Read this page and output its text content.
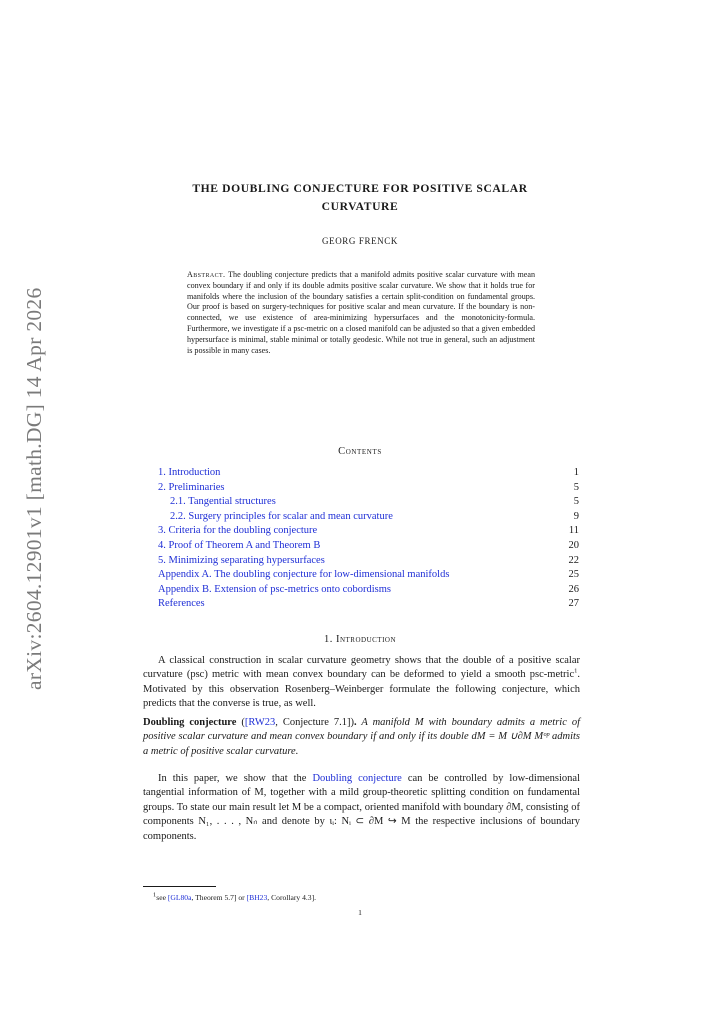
arXiv:2604.12901v1 [math.DG] 14 Apr 2026
THE DOUBLING CONJECTURE FOR POSITIVE SCALAR
CURVATURE
GEORG FRENCK
Abstract. The doubling conjecture predicts that a manifold admits positive scalar curvature with mean convex boundary if and only if its double admits positive scalar curvature. We show that it holds true for manifolds where the inclusion of the boundary satisfies a certain split-condition on fundamental groups. Our proof is based on surgery-techniques for positive scalar and mean curvature. If the boundary is non-connected, we use existence of area-minimizing hypersurfaces and the monotonicity-formula. Furthermore, we investigate if a psc-metric on a closed manifold can be adjusted so that a given embedded hypersurface is minimal, stable minimal or totally geodesic. While not true in general, such an adjustment is possible in many cases.
Contents
1. Introduction	1
2. Preliminaries	5
2.1. Tangential structures	5
2.2. Surgery principles for scalar and mean curvature	9
3. Criteria for the doubling conjecture	11
4. Proof of Theorem A and Theorem B	20
5. Minimizing separating hypersurfaces	22
Appendix A. The doubling conjecture for low-dimensional manifolds	25
Appendix B. Extension of psc-metrics onto cobordisms	26
References	27
1. Introduction
A classical construction in scalar curvature geometry shows that the double of a positive scalar curvature (psc) metric with mean convex boundary can be deformed to yield a smooth psc-metric$^1$. Motivated by this observation Rosenberg–Weinberger formulate the following conjecture, which predicts that the converse is true, as well.
Doubling conjecture ([RW23, Conjecture 7.1]). A manifold M with boundary admits a metric of positive scalar curvature and mean convex boundary if and only if its double dM = M ∪∂M Mᵒᵖ admits a metric of positive scalar curvature.
In this paper, we show that the Doubling conjecture can be controlled by low-dimensional tangential information of M, together with a mild group-theoretic splitting condition on fundamental groups. To state our main result let M be a compact, oriented manifold with boundary ∂M, consisting of components N₁, . . . , Nₙ and denote by ιᵢ: Nᵢ ⊂ ∂M ↪ M the respective inclusions of boundary components.
$^1$see [GL80a, Theorem 5.7] or [BH23, Corollary 4.3].
1
